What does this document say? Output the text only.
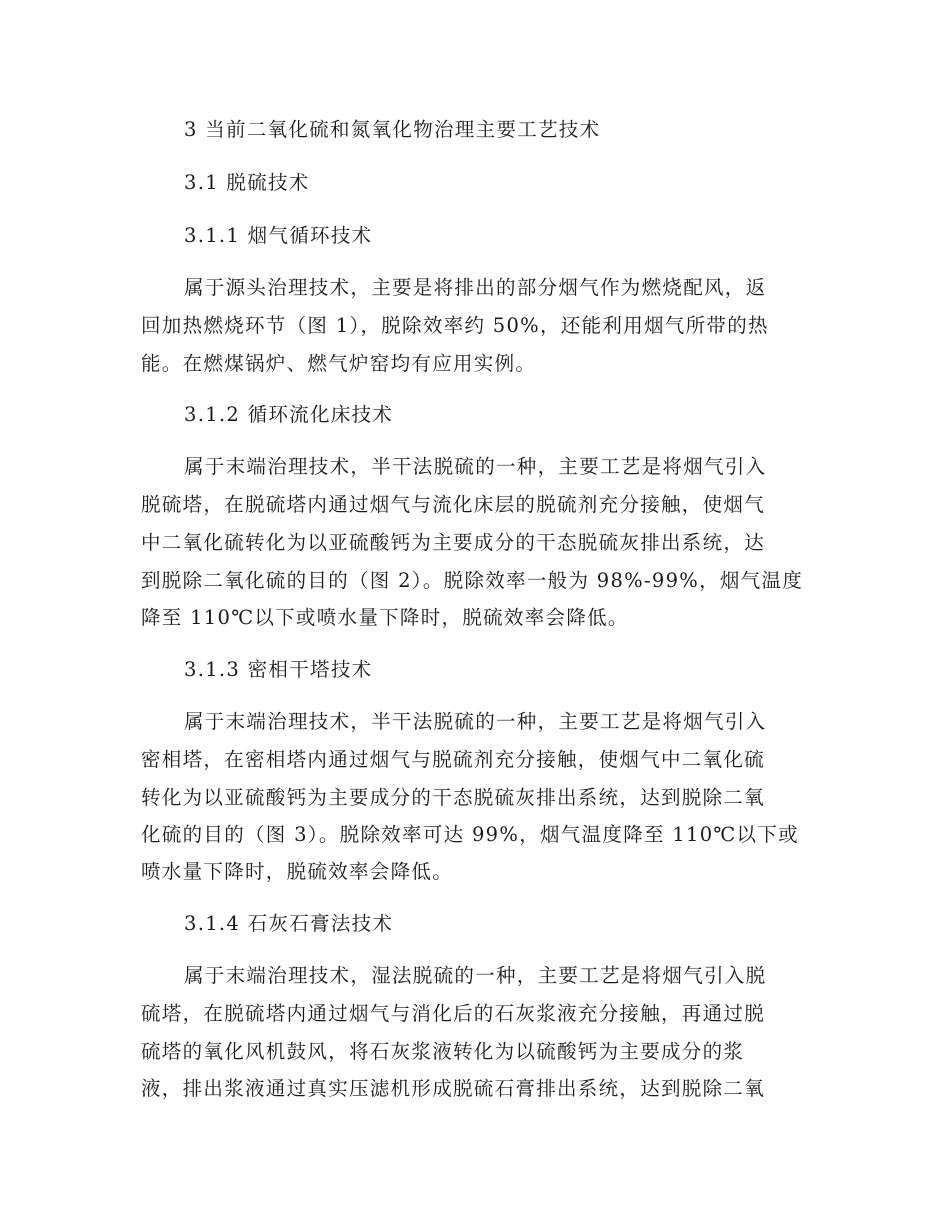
3 当前二氧化硫和氮氧化物治理主要工艺技术
3.1 脱硫技术
3.1.1 烟气循环技术
属于源头治理技术，主要是将排出的部分烟气作为燃烧配风，返
回加热燃烧环节（图 1），脱除效率约 50%，还能利用烟气所带的热
能。在燃煤锅炉、燃气炉窑均有应用实例。
3.1.2 循环流化床技术
属于末端治理技术，半干法脱硫的一种，主要工艺是将烟气引入
脱硫塔，在脱硫塔内通过烟气与流化床层的脱硫剂充分接触，使烟气
中二氧化硫转化为以亚硫酸钙为主要成分的干态脱硫灰排出系统，达
到脱除二氧化硫的目的（图 2）。脱除效率一般为 98%-99%，烟气温度
降至 110℃以下或喷水量下降时，脱硫效率会降低。
3.1.3 密相干塔技术
属于末端治理技术，半干法脱硫的一种，主要工艺是将烟气引入
密相塔，在密相塔内通过烟气与脱硫剂充分接触，使烟气中二氧化硫
转化为以亚硫酸钙为主要成分的干态脱硫灰排出系统，达到脱除二氧
化硫的目的（图 3）。脱除效率可达 99%，烟气温度降至 110℃以下或
喷水量下降时，脱硫效率会降低。
3.1.4 石灰石膏法技术
属于末端治理技术，湿法脱硫的一种，主要工艺是将烟气引入脱
硫塔，在脱硫塔内通过烟气与消化后的石灰浆液充分接触，再通过脱
硫塔的氧化风机鼓风，将石灰浆液转化为以硫酸钙为主要成分的浆
液，排出浆液通过真实压滤机形成脱硫石膏排出系统，达到脱除二氧
